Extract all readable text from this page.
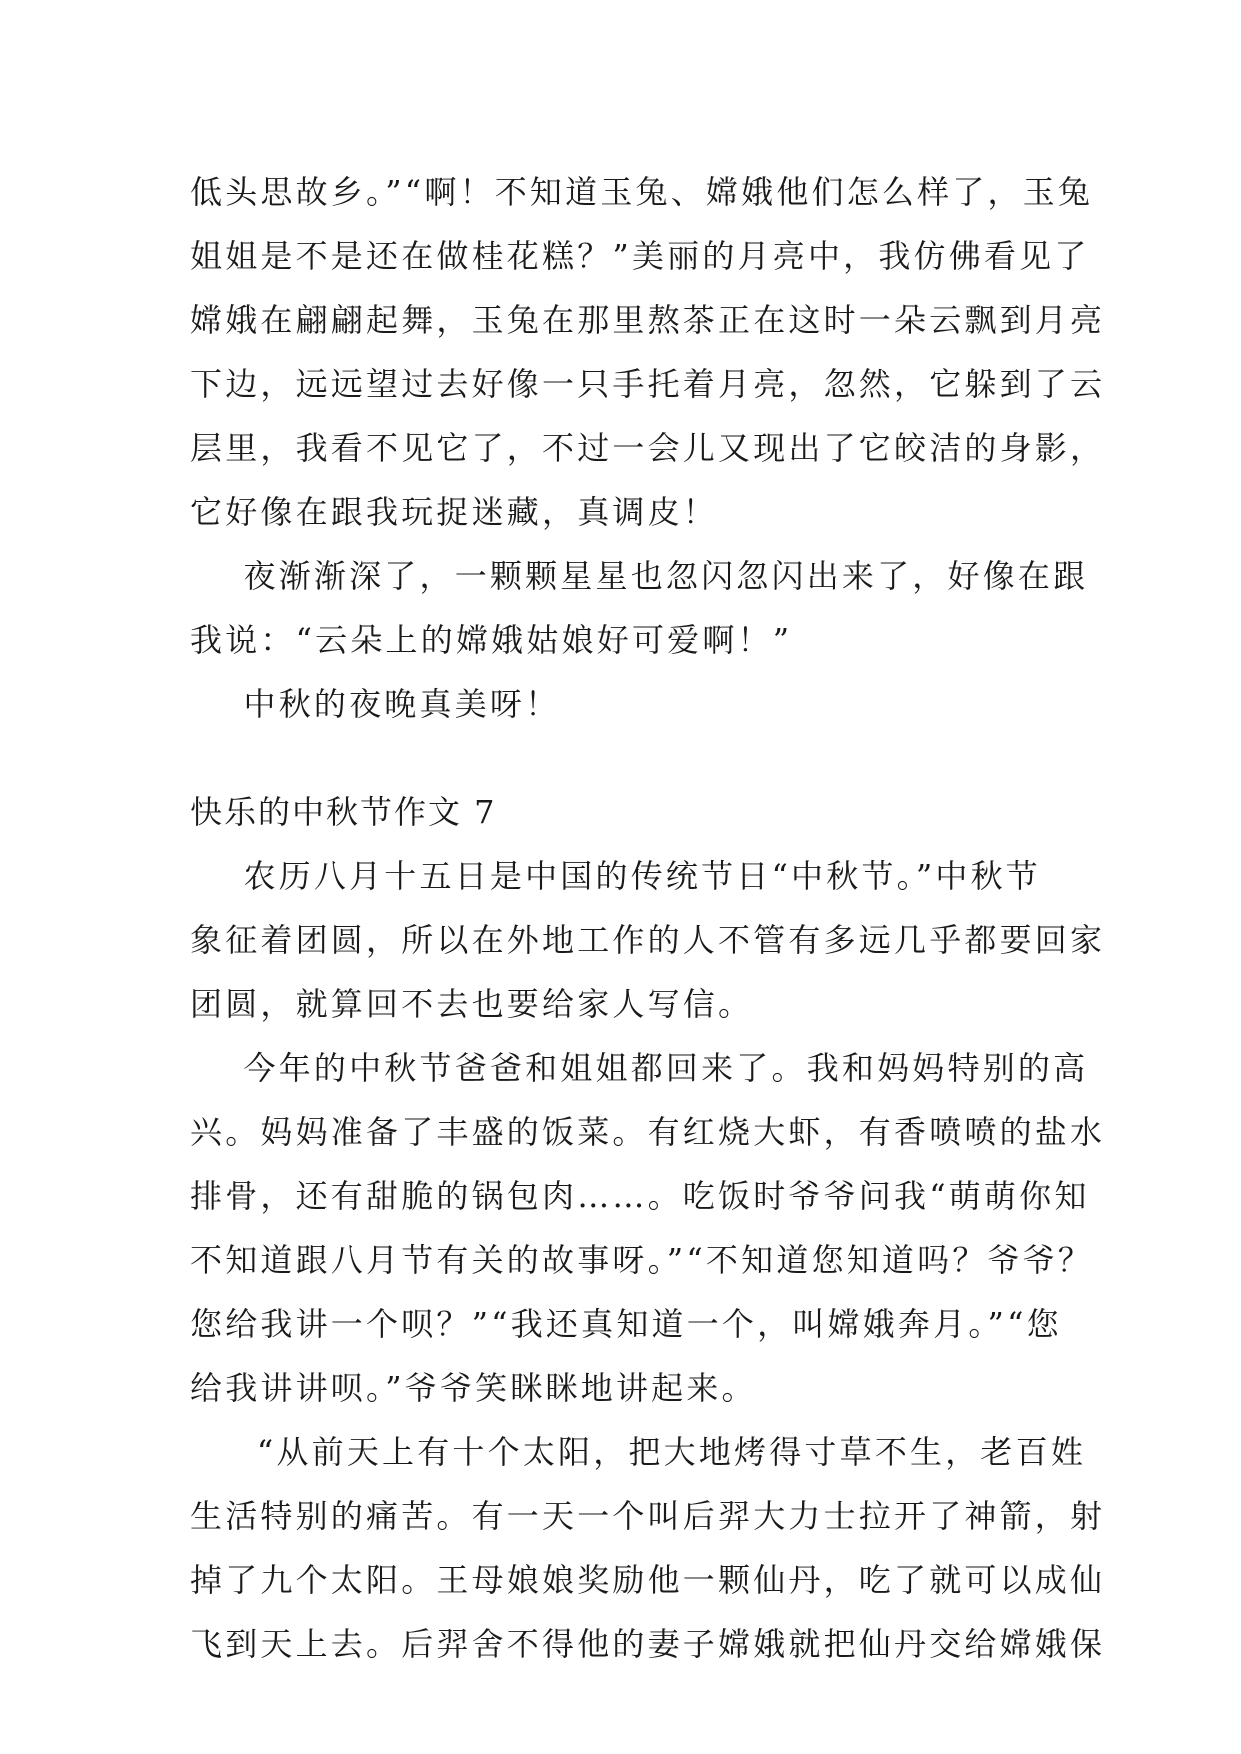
低头思故乡。”“啊！不知道玉兔、嫦娥他们怎么样了，玉兔
姐姐是不是还在做桂花糕？”美丽的月亮中，我仿佛看见了
嫦娥在翩翩起舞，玉兔在那里熬茶正在这时一朵云飘到月亮
下边，远远望过去好像一只手托着月亮，忽然，它躲到了云
层里，我看不见它了，不过一会儿又现出了它皎洁的身影，
它好像在跟我玩捉迷藏，真调皮！
夜渐渐深了，一颗颗星星也忽闪忽闪出来了，好像在跟
我说：“云朵上的嫦娥姑娘好可爱啊！”
中秋的夜晚真美呀！
快乐的中秋节作文 7
农历八月十五日是中国的传统节日“中秋节。”中秋节
象征着团圆，所以在外地工作的人不管有多远几乎都要回家
团圆，就算回不去也要给家人写信。
今年的中秋节爸爸和姐姐都回来了。我和妈妈特别的高
兴。妈妈准备了丰盛的饭菜。有红烧大虾，有香喷喷的盐水
排骨，还有甜脆的锅包肉……。吃饭时爷爷问我“萌萌你知
不知道跟八月节有关的故事呀。”“不知道您知道吗？爷爷？
您给我讲一个呗？”“我还真知道一个，叫嫦娥奔月。”“您
给我讲讲呗。”爷爷笑眯眯地讲起来。
“从前天上有十个太阳，把大地烤得寸草不生，老百姓
生活特别的痛苦。有一天一个叫后羿大力士拉开了神箭，射
掉了九个太阳。王母娘娘奖励他一颗仙丹，吃了就可以成仙
飞到天上去。后羿舍不得他的妻子嫦娥就把仙丹交给嫦娥保
